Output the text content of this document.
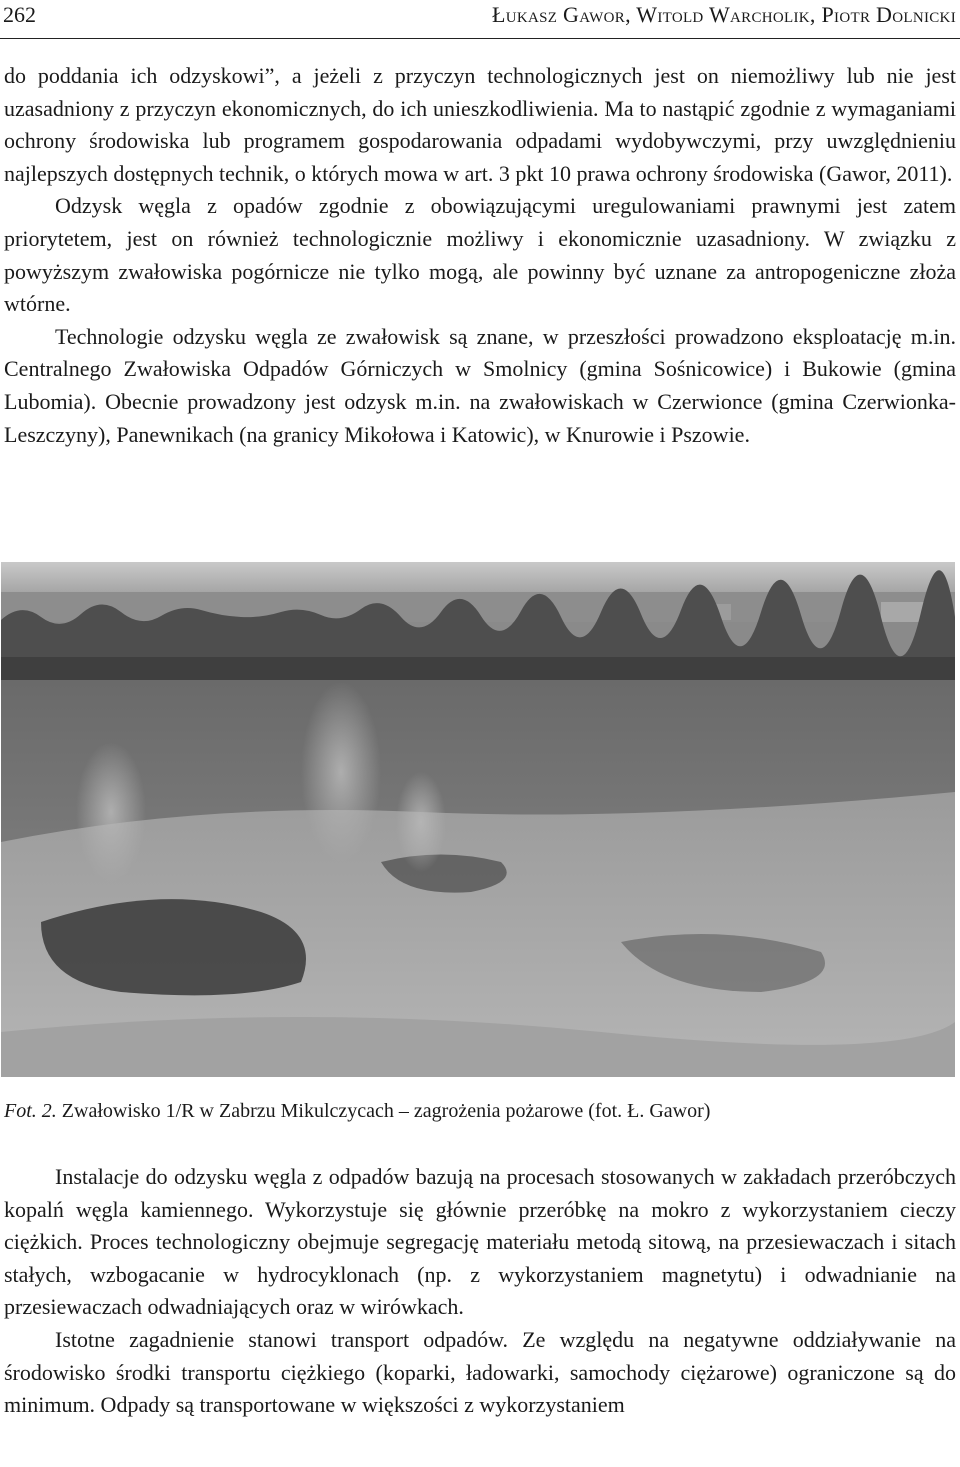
262	Łukasz Gawor, Witold Warcholik, Piotr Dolnicki

do poddania ich odzyskowi”, a jeżeli z przyczyn technologicznych jest on niemożliwy lub nie jest uzasadniony z przyczyn ekonomicznych, do ich unieszkodliwienia. Ma to nastąpić zgodnie z wymaganiami ochrony środowiska lub programem gospodarowania odpadami wydobywczymi, przy uwzględnieniu najlepszych dostępnych technik, o których mowa w art. 3 pkt 10 prawa ochrony środowiska (Gawor, 2011).

Odzysk węgla z opadów zgodnie z obowiązującymi uregulowaniami prawnymi jest zatem priorytetem, jest on również technologicznie możliwy i ekonomicznie uzasadniony. W związku z powyższym zwałowiska pogórnicze nie tylko mogą, ale powinny być uznane za antropogeniczne złoża wtórne.

Technologie odzysku węgla ze zwałowisk są znane, w przeszłości prowadzono eksploatację m.in. Centralnego Zwałowiska Odpadów Górniczych w Smolnicy (gmina Sośnicowice) i Bukowie (gmina Lubomia). Obecnie prowadzony jest odzysk m.in. na zwałowiskach w Czerwionce (gmina Czerwionka-Leszczyny), Panewnikach (na granicy Mikołowa i Katowic), w Knurowie i Pszowie.

Fot. 2. Zwałowisko 1/R w Zabrzu Mikulczycach – zagrożenia pożarowe (fot. Ł. Gawor)

Instalacje do odzysku węgla z odpadów bazują na procesach stosowanych w zakładach przeróbczych kopalń węgla kamiennego. Wykorzystuje się głównie przeróbkę na mokro z wykorzystaniem cieczy ciężkich. Proces technologiczny obejmuje segregację materiału metodą sitową, na przesiewaczach i sitach stałych, wzbogacanie w hydrocyklonach (np. z wykorzystaniem magnetytu) i odwadnianie na przesiewaczach odwadniających oraz w wirówkach.

Istotne zagadnienie stanowi transport odpadów. Ze względu na negatywne oddziaływanie na środowisko środki transportu ciężkiego (koparki, ładowarki, samochody ciężarowe) ograniczone są do minimum. Odpady są transportowane w większości z wykorzystaniem
